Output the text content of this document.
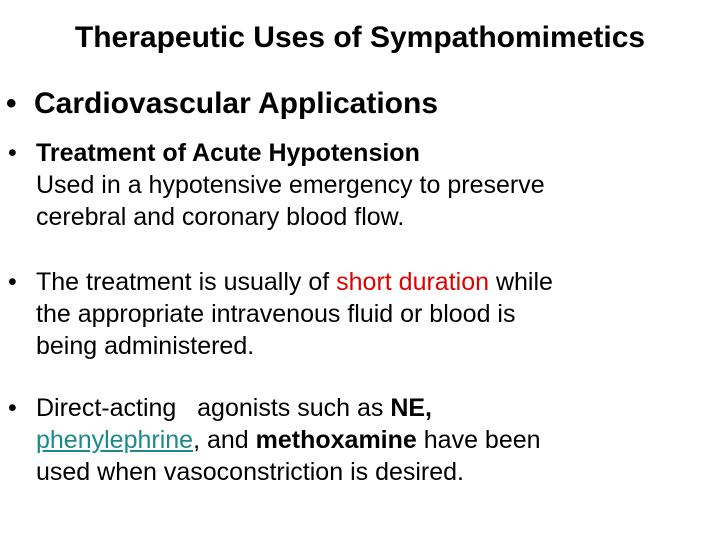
Therapeutic Uses of Sympathomimetics
• Cardiovascular Applications
• Treatment of Acute Hypotension
Used in a hypotensive emergency to preserve
cerebral and coronary blood flow.
• The treatment is usually of short duration while
the appropriate intravenous fluid or blood is
being administered.
• Direct-acting   agonists such as NE,
phenylephrine, and methoxamine have been
used when vasoconstriction is desired.
